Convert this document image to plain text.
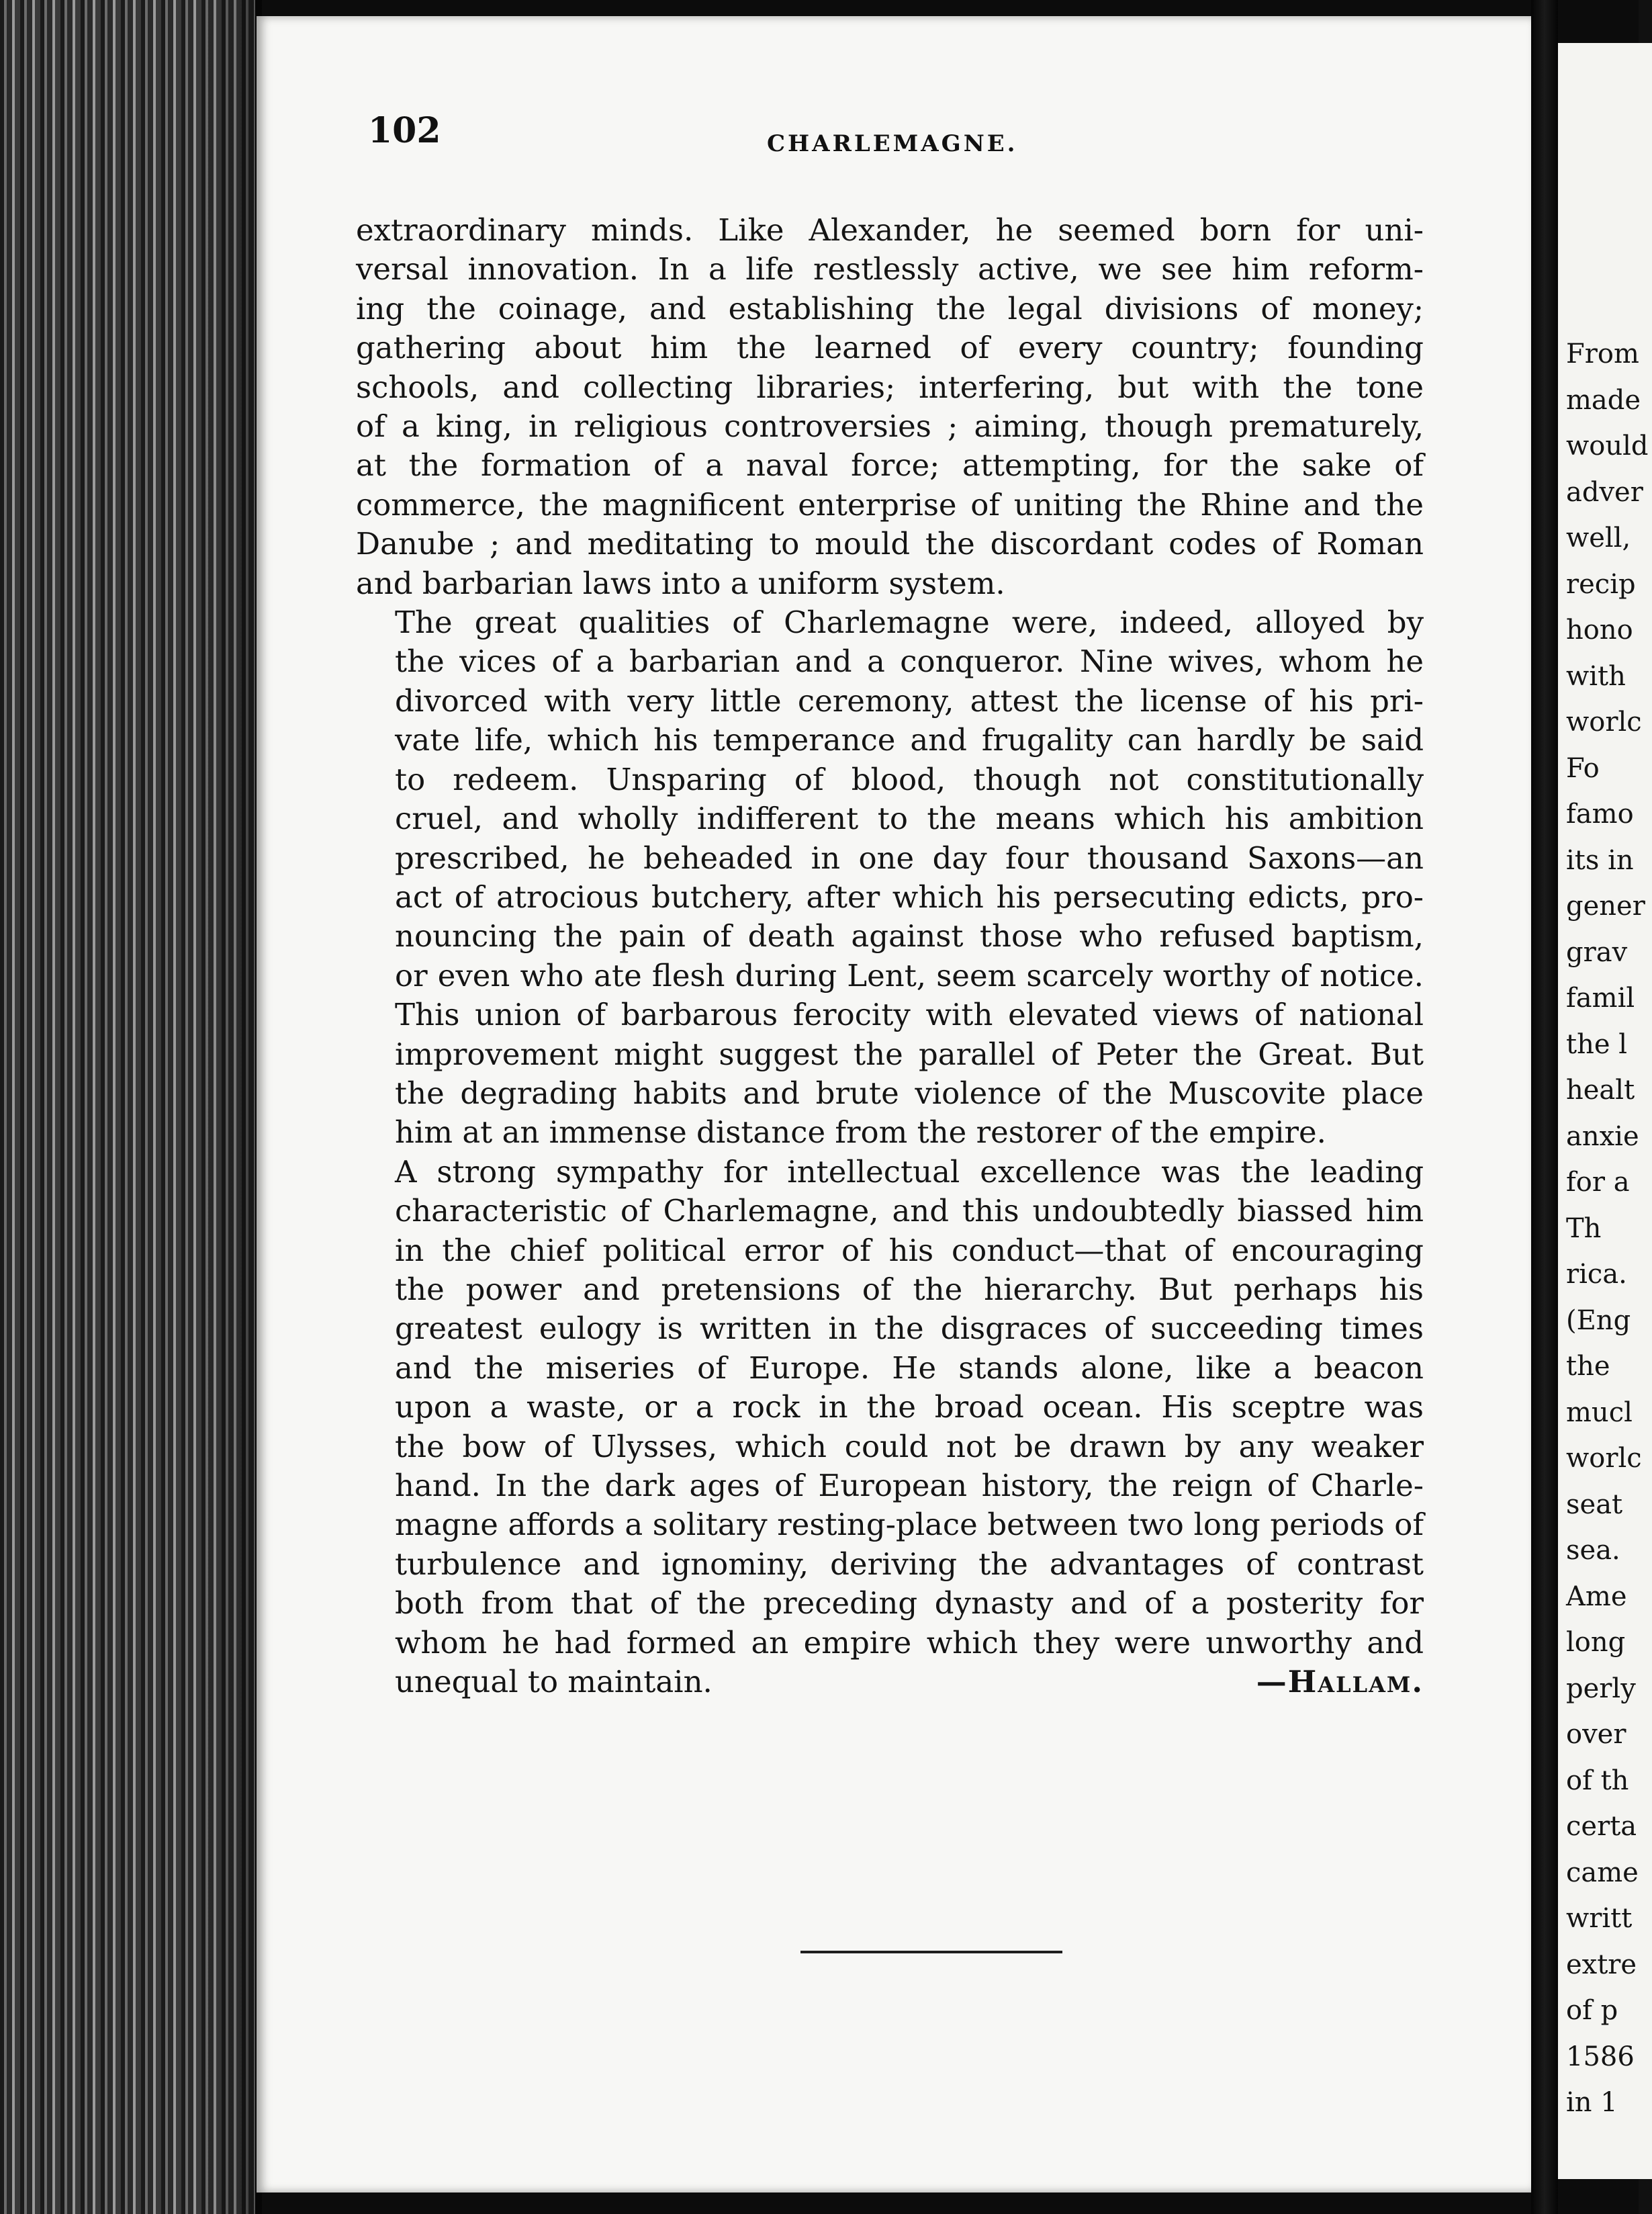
102	CHARLEMAGNE.
extraordinary minds. Like Alexander, he seemed born for uni-
versal innovation. In a life restlessly active, we see him reform-
ing the coinage, and establishing the legal divisions of money;
gathering about him the learned of every country; founding
schools, and collecting libraries; interfering, but with the tone
of a king, in religious controversies ; aiming, though prematurely,
at the formation of a naval force; attempting, for the sake of
commerce, the magnificent enterprise of uniting the Rhine and the
Danube ; and meditating to mould the discordant codes of Roman
and barbarian laws into a uniform system.
The great qualities of Charlemagne were, indeed, alloyed by
the vices of a barbarian and a conqueror. Nine wives, whom he
divorced with very little ceremony, attest the license of his pri-
vate life, which his temperance and frugality can hardly be said
to redeem. Unsparing of blood, though not constitutionally
cruel, and wholly indifferent to the means which his ambition
prescribed, he beheaded in one day four thousand Saxons—an
act of atrocious butchery, after which his persecuting edicts, pro-
nouncing the pain of death against those who refused baptism,
or even who ate flesh during Lent, seem scarcely worthy of notice.
This union of barbarous ferocity with elevated views of national
improvement might suggest the parallel of Peter the Great. But
the degrading habits and brute violence of the Muscovite place
him at an immense distance from the restorer of the empire.
A strong sympathy for intellectual excellence was the leading
characteristic of Charlemagne, and this undoubtedly biassed him
in the chief political error of his conduct—that of encouraging
the power and pretensions of the hierarchy. But perhaps his
greatest eulogy is written in the disgraces of succeeding times
and the miseries of Europe. He stands alone, like a beacon
upon a waste, or a rock in the broad ocean. His sceptre was
the bow of Ulysses, which could not be drawn by any weaker
hand. In the dark ages of European history, the reign of Charle-
magne affords a solitary resting-place between two long periods of
turbulence and ignominy, deriving the advantages of contrast
both from that of the preceding dynasty and of a posterity for
whom he had formed an empire which they were unworthy and
unequal to maintain.	—Hallam.
From
made
would
adver
well,
recip
hono
with
worlc
Fo
famo
its in
gener
grav
famil
the l
healt
anxie
for a
Th
rica.
(Eng
the
mucl
worlc
seat
sea.
Ame
long
perly
over
of th
certa
came
writt
extre
of p
1586
in 1
